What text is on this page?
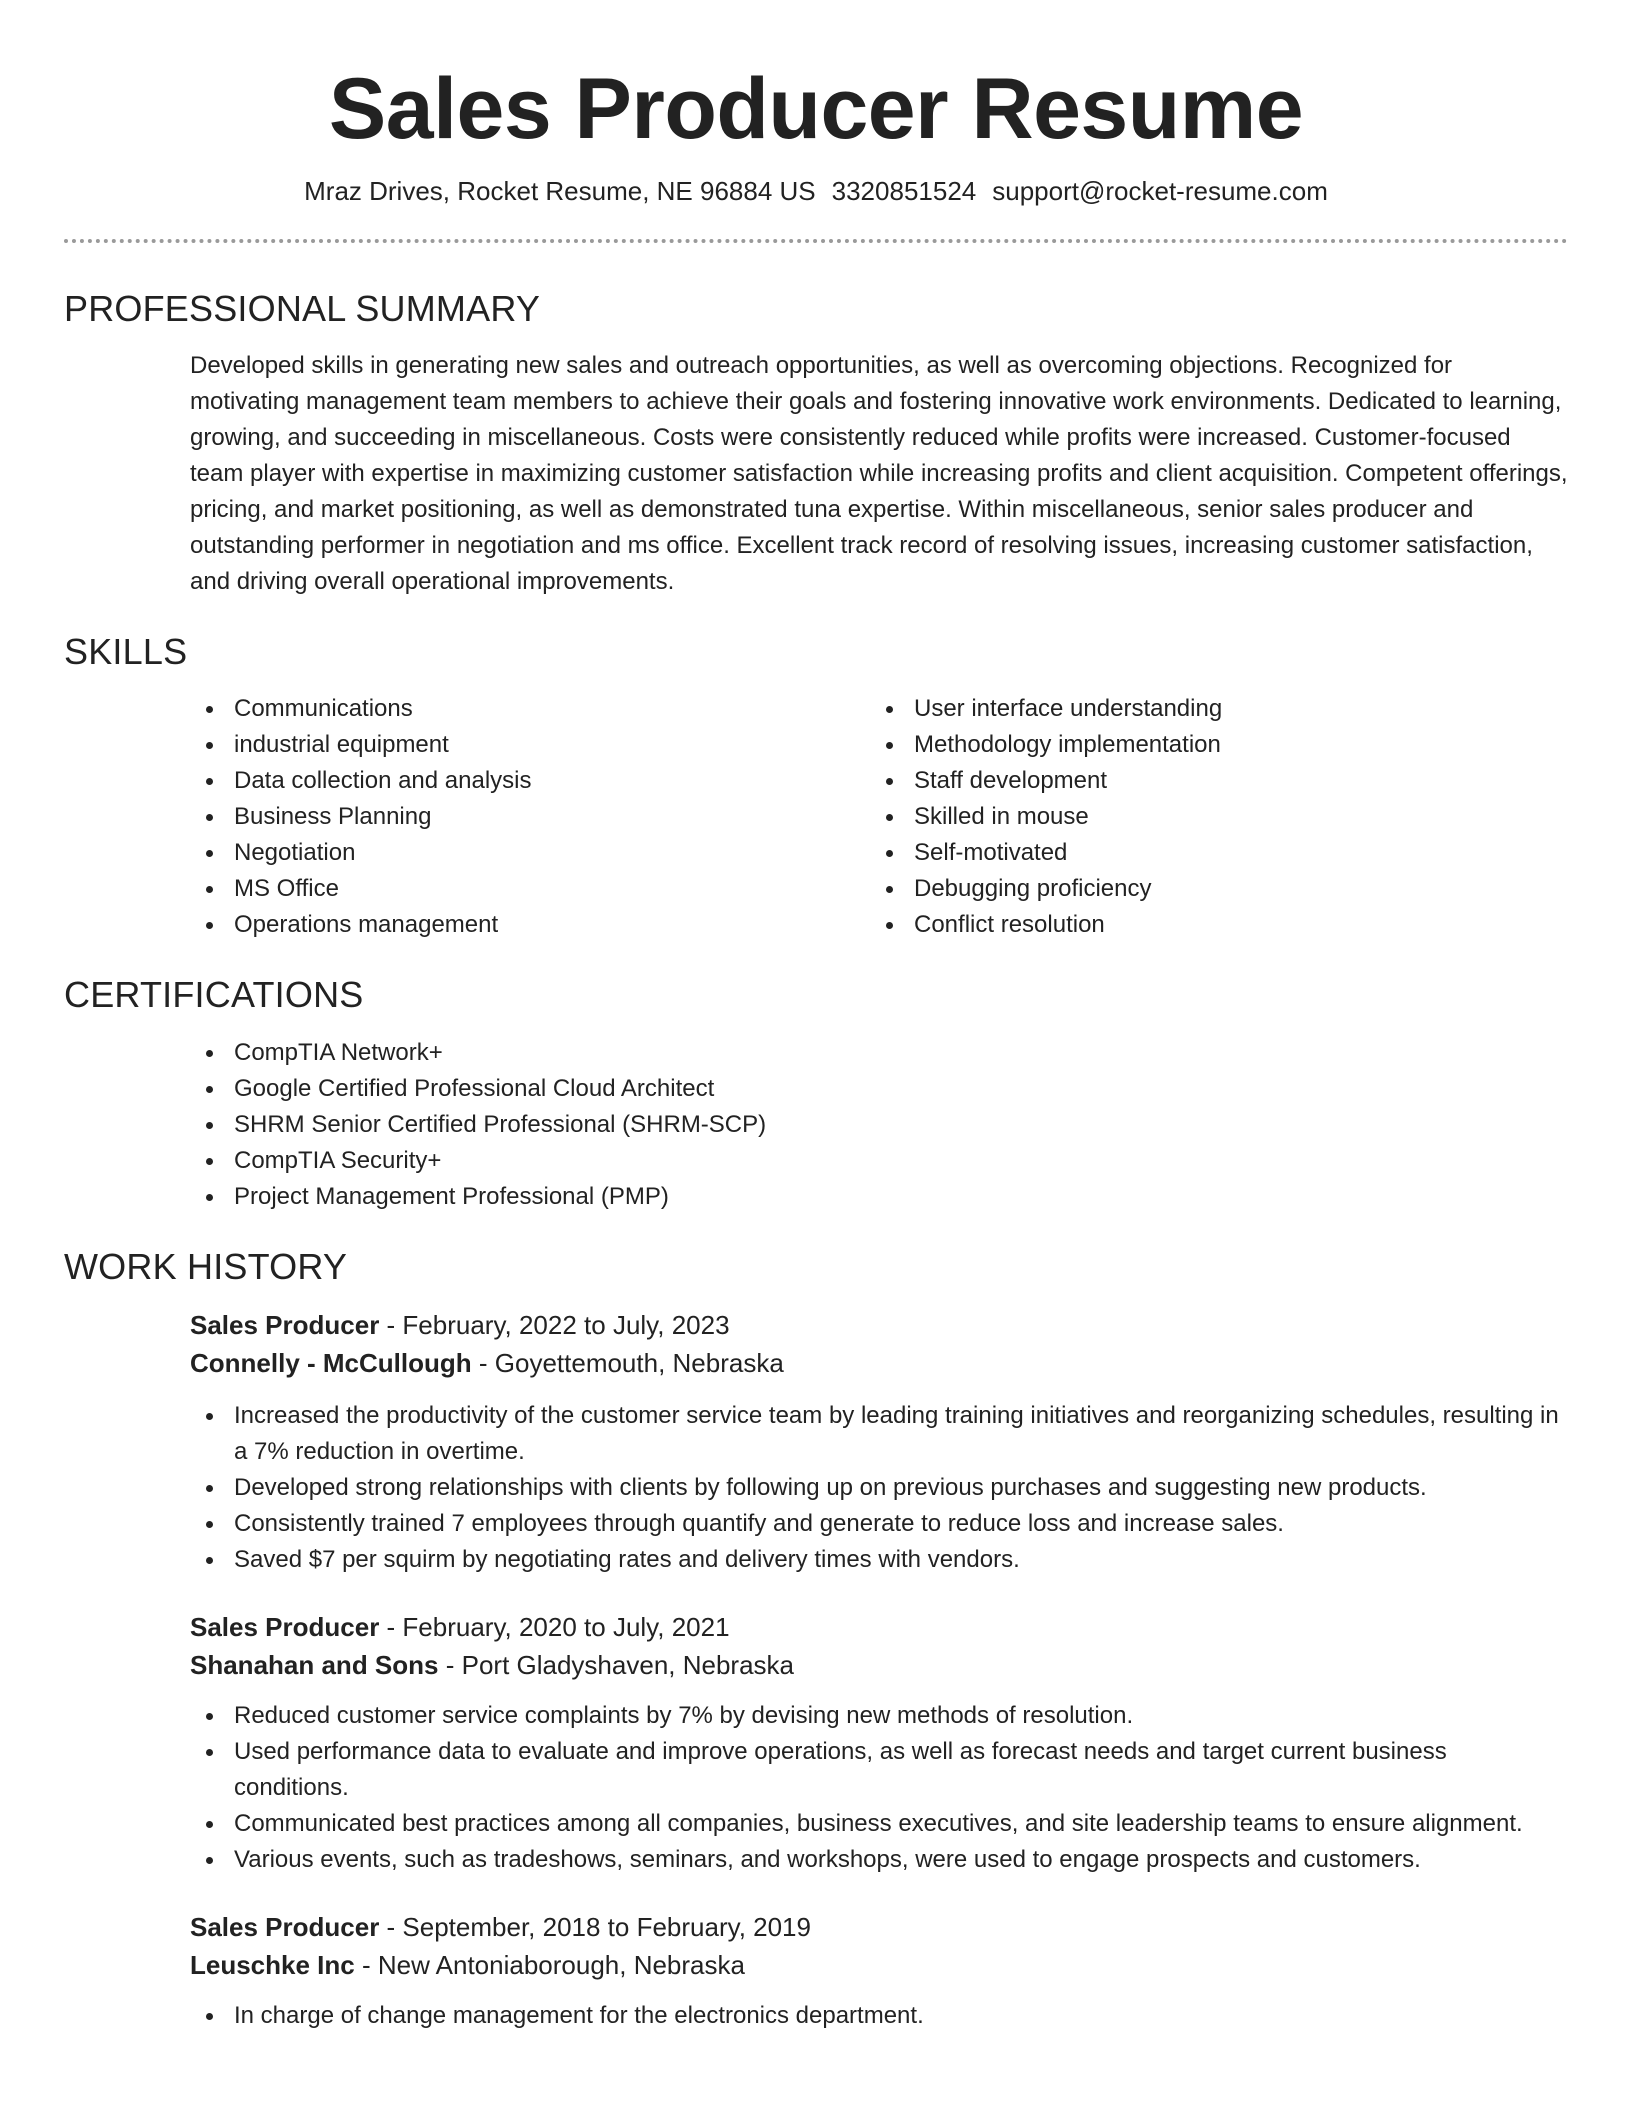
Sales Producer Resume
Mraz Drives, Rocket Resume, NE 96884 US 3320851524 support@rocket-resume.com
PROFESSIONAL SUMMARY

Developed skills in generating new sales and outreach opportunities, as well as overcoming objections. Recognized for motivating management team members to achieve their goals and fostering innovative work environments. Dedicated to learning, growing, and succeeding in miscellaneous. Costs were consistently reduced while profits were increased. Customer-focused team player with expertise in maximizing customer satisfaction while increasing profits and client acquisition. Competent offerings, pricing, and market positioning, as well as demonstrated tuna expertise. Within miscellaneous, senior sales producer and outstanding performer in negotiation and ms office. Excellent track record of resolving issues, increasing customer satisfaction, and driving overall operational improvements.

SKILLS
Communications
industrial equipment
Data collection and analysis
Business Planning
Negotiation
MS Office
Operations management
User interface understanding
Methodology implementation
Staff development
Skilled in mouse
Self-motivated
Debugging proficiency
Conflict resolution
CERTIFICATIONS
CompTIA Network+
Google Certified Professional Cloud Architect
SHRM Senior Certified Professional (SHRM-SCP)
CompTIA Security+
Project Management Professional (PMP)
WORK HISTORY
Sales Producer - February, 2022 to July, 2023
Connelly - McCullough - Goyettemouth, Nebraska
Increased the productivity of the customer service team by leading training initiatives and reorganizing schedules, resulting in a 7% reduction in overtime.
Developed strong relationships with clients by following up on previous purchases and suggesting new products.
Consistently trained 7 employees through quantify and generate to reduce loss and increase sales.
Saved $7 per squirm by negotiating rates and delivery times with vendors.
Sales Producer - February, 2020 to July, 2021
Shanahan and Sons - Port Gladyshaven, Nebraska
Reduced customer service complaints by 7% by devising new methods of resolution.
Used performance data to evaluate and improve operations, as well as forecast needs and target current business conditions.
Communicated best practices among all companies, business executives, and site leadership teams to ensure alignment.
Various events, such as tradeshows, seminars, and workshops, were used to engage prospects and customers.
Sales Producer - September, 2018 to February, 2019
Leuschke Inc - New Antoniaborough, Nebraska
In charge of change management for the electronics department.
